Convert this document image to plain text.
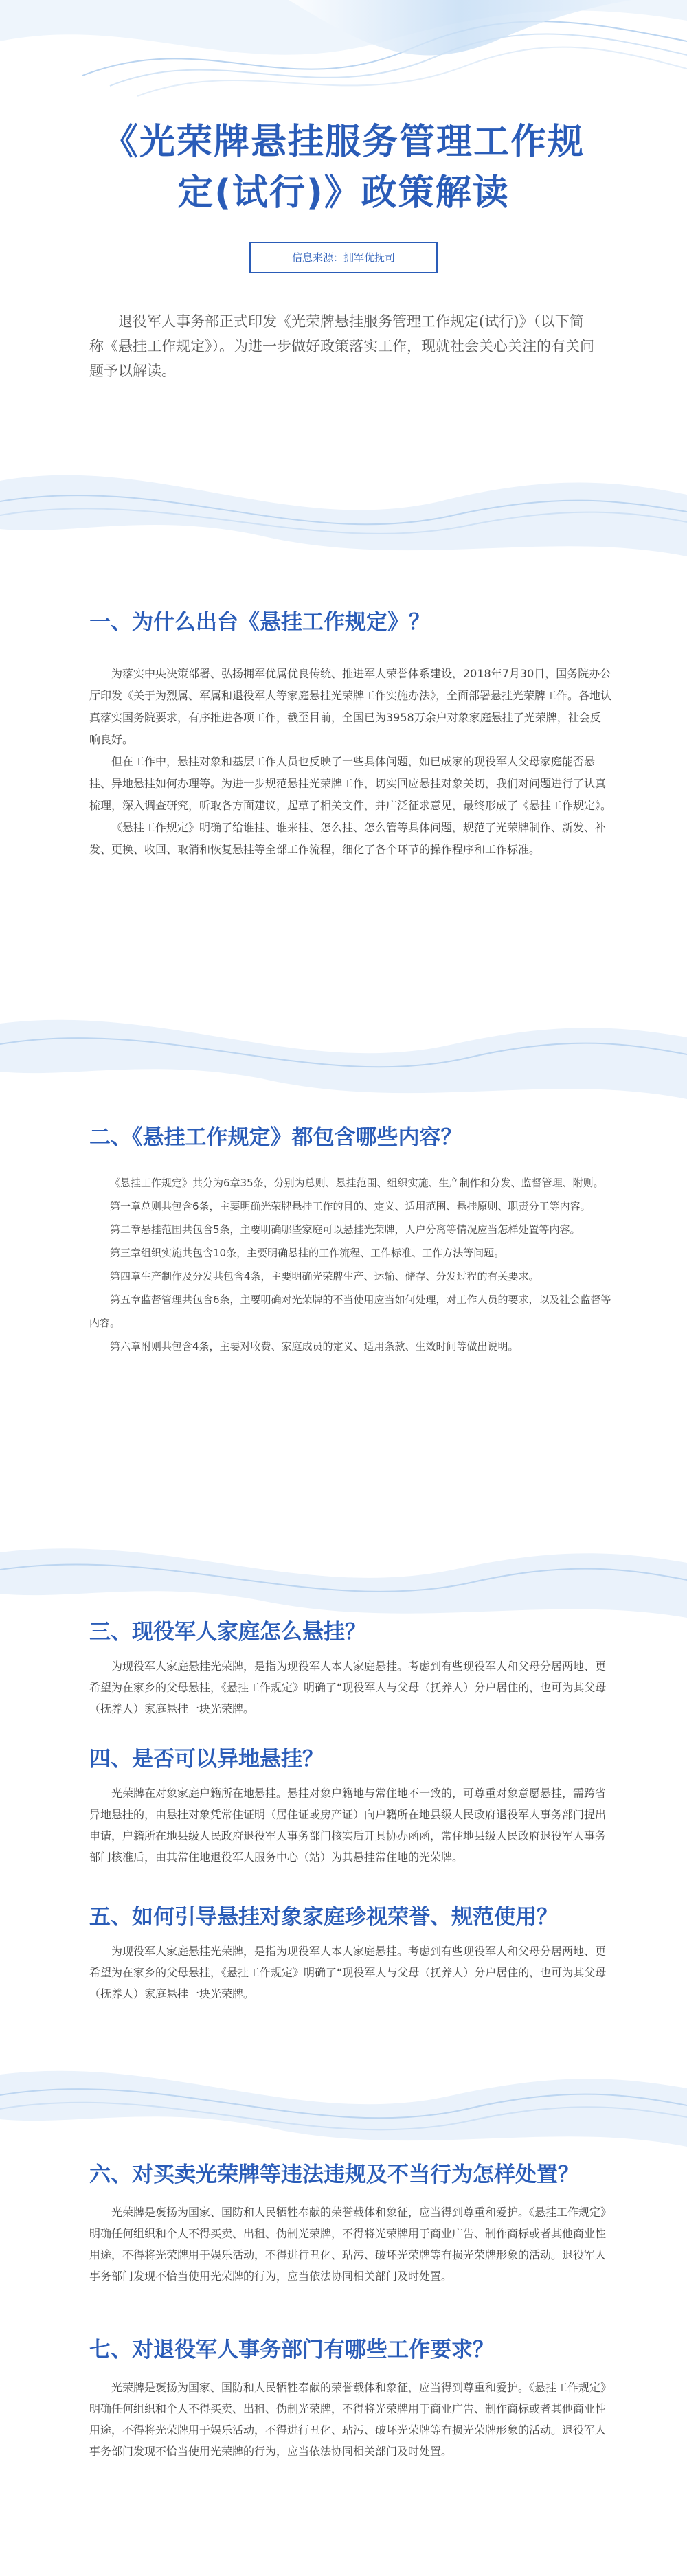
《光荣牌悬挂服务管理工作规
定(试行)》政策解读
信息来源：拥军优抚司

退役军人事务部正式印发《光荣牌悬挂服务管理工作规定(试行)》（以下简称《悬挂工作规定》）。为进一步做好政策落实工作，现就社会关心关注的有关问题予以解读。

一、为什么出台《悬挂工作规定》？

为落实中央决策部署、弘扬拥军优属优良传统、推进军人荣誉体系建设，2018年7月30日，国务院办公厅印发《关于为烈属、军属和退役军人等家庭悬挂光荣牌工作实施办法》，全面部署悬挂光荣牌工作。各地认真落实国务院要求，有序推进各项工作，截至目前，全国已为3958万余户对象家庭悬挂了光荣牌，社会反响良好。

但在工作中，悬挂对象和基层工作人员也反映了一些具体问题，如已成家的现役军人父母家庭能否悬挂、异地悬挂如何办理等。为进一步规范悬挂光荣牌工作，切实回应悬挂对象关切，我们对问题进行了认真梳理，深入调查研究，听取各方面建议，起草了相关文件，并广泛征求意见，最终形成了《悬挂工作规定》。

《悬挂工作规定》明确了给谁挂、谁来挂、怎么挂、怎么管等具体问题，规范了光荣牌制作、新发、补发、更换、收回、取消和恢复悬挂等全部工作流程，细化了各个环节的操作程序和工作标准。

二、《悬挂工作规定》都包含哪些内容？

《悬挂工作规定》共分为6章35条，分别为总则、悬挂范围、组织实施、生产制作和分发、监督管理、附则。

第一章总则共包含6条，主要明确光荣牌悬挂工作的目的、定义、适用范围、悬挂原则、职责分工等内容。

第二章悬挂范围共包含5条，主要明确哪些家庭可以悬挂光荣牌，人户分离等情况应当怎样处置等内容。

第三章组织实施共包含10条，主要明确悬挂的工作流程、工作标准、工作方法等问题。

第四章生产制作及分发共包含4条，主要明确光荣牌生产、运输、储存、分发过程的有关要求。

第五章监督管理共包含6条，主要明确对光荣牌的不当使用应当如何处理，对工作人员的要求，以及社会监督等内容。

第六章附则共包含4条，主要对收费、家庭成员的定义、适用条款、生效时间等做出说明。

三、现役军人家庭怎么悬挂？

为现役军人家庭悬挂光荣牌，是指为现役军人本人家庭悬挂。考虑到有些现役军人和父母分居两地、更希望为在家乡的父母悬挂，《悬挂工作规定》明确了“现役军人与父母（抚养人）分户居住的，也可为其父母（抚养人）家庭悬挂一块光荣牌。

四、是否可以异地悬挂？

光荣牌在对象家庭户籍所在地悬挂。悬挂对象户籍地与常住地不一致的，可尊重对象意愿悬挂，需跨省异地悬挂的，由悬挂对象凭常住证明（居住证或房产证）向户籍所在地县级人民政府退役军人事务部门提出申请，户籍所在地县级人民政府退役军人事务部门核实后开具协办函函，常住地县级人民政府退役军人事务部门核准后，由其常住地退役军人服务中心（站）为其悬挂常住地的光荣牌。

五、如何引导悬挂对象家庭珍视荣誉、规范使用？

为现役军人家庭悬挂光荣牌，是指为现役军人本人家庭悬挂。考虑到有些现役军人和父母分居两地、更希望为在家乡的父母悬挂，《悬挂工作规定》明确了“现役军人与父母（抚养人）分户居住的，也可为其父母（抚养人）家庭悬挂一块光荣牌。

六、对买卖光荣牌等违法违规及不当行为怎样处置？

光荣牌是褒扬为国家、国防和人民牺牲奉献的荣誉载体和象征，应当得到尊重和爱护。《悬挂工作规定》明确任何组织和个人不得买卖、出租、伪制光荣牌，不得将光荣牌用于商业广告、制作商标或者其他商业性用途，不得将光荣牌用于娱乐活动，不得进行丑化、玷污、破坏光荣牌等有损光荣牌形象的活动。退役军人事务部门发现不恰当使用光荣牌的行为，应当依法协同相关部门及时处置。

七、对退役军人事务部门有哪些工作要求？

光荣牌是褒扬为国家、国防和人民牺牲奉献的荣誉载体和象征，应当得到尊重和爱护。《悬挂工作规定》明确任何组织和个人不得买卖、出租、伪制光荣牌，不得将光荣牌用于商业广告、制作商标或者其他商业性用途，不得将光荣牌用于娱乐活动，不得进行丑化、玷污、破坏光荣牌等有损光荣牌形象的活动。退役军人事务部门发现不恰当使用光荣牌的行为，应当依法协同相关部门及时处置。
